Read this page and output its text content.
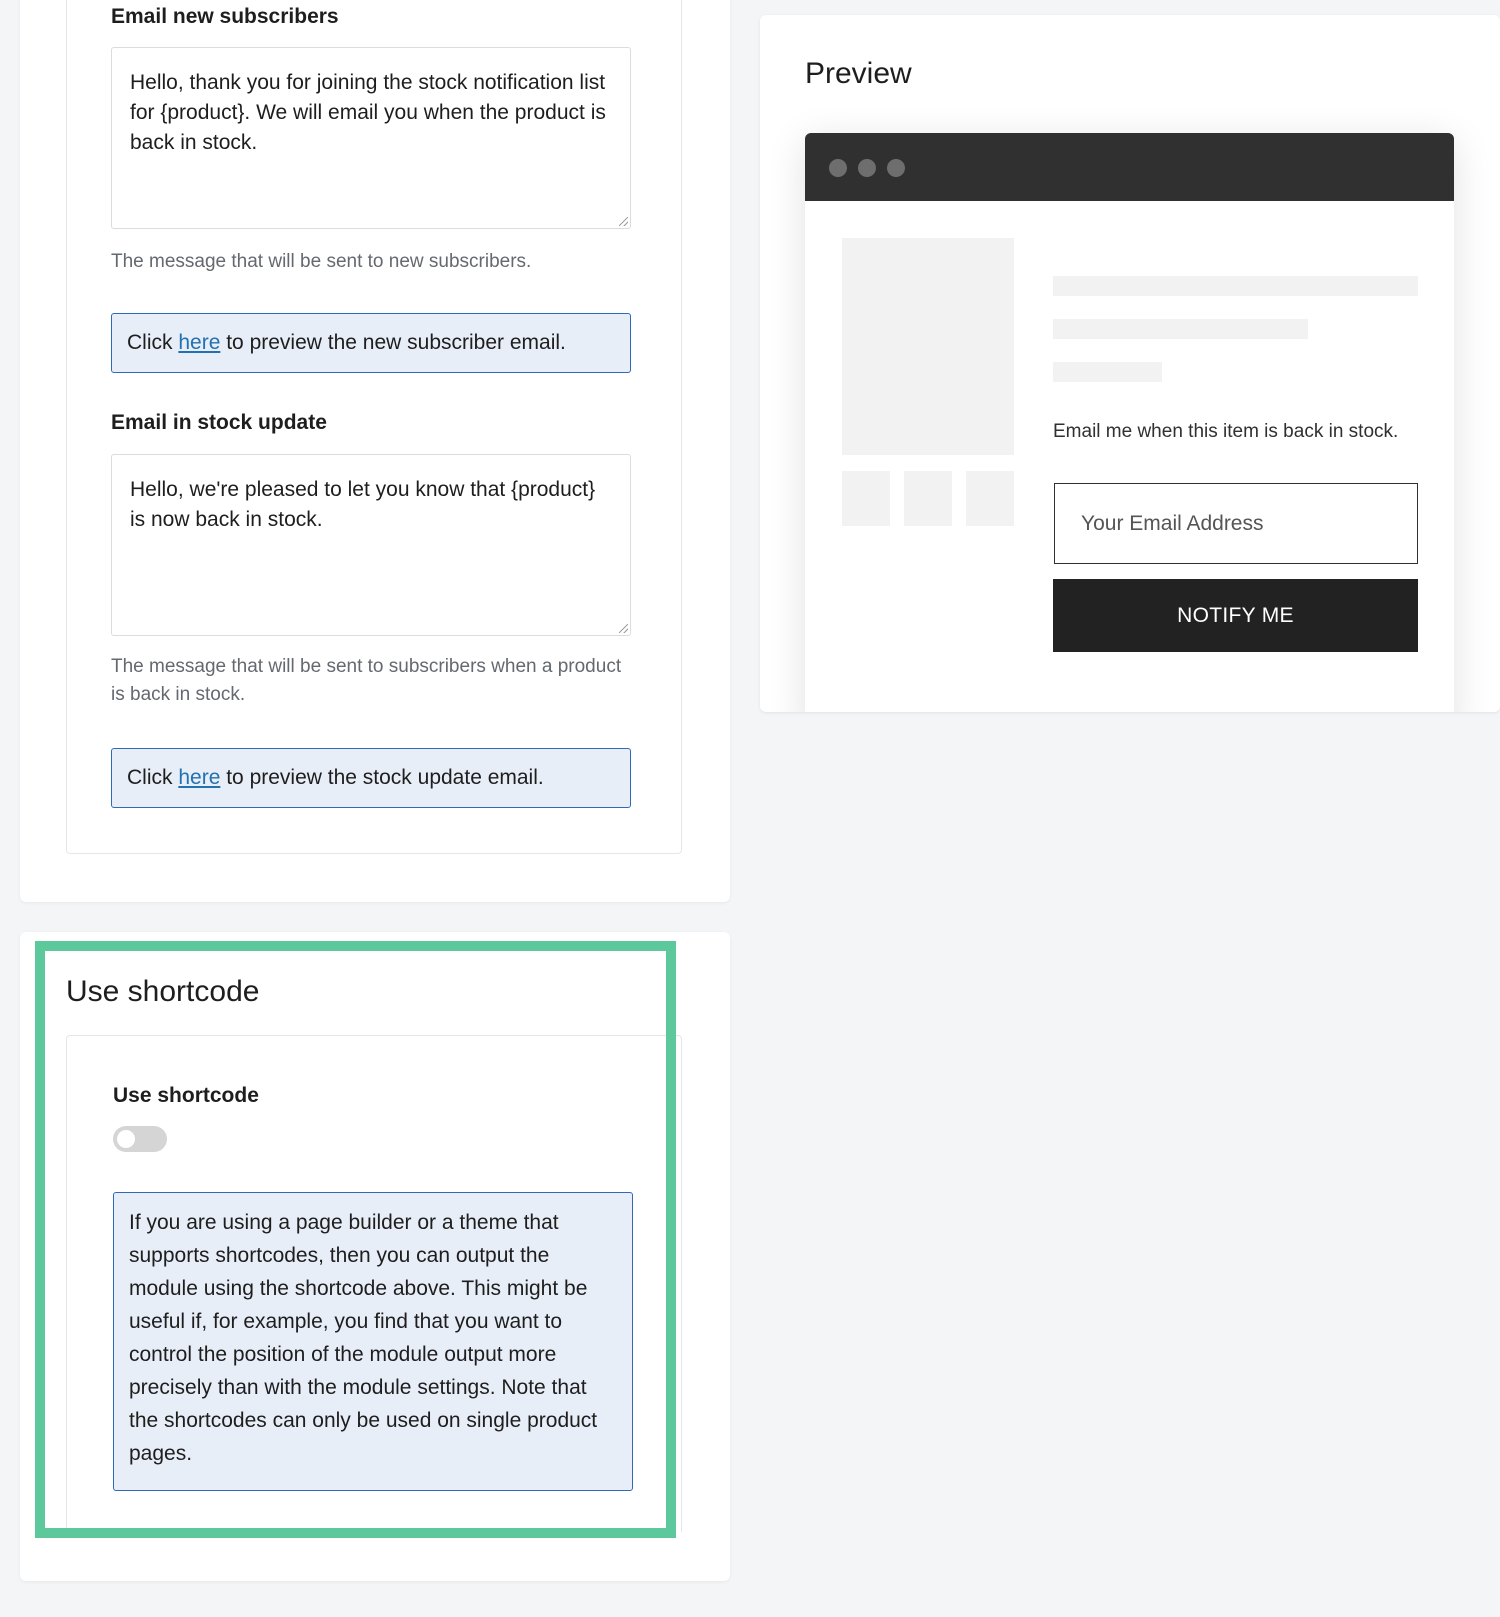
Email new subscribers
Hello, thank you for joining the stock notification list for {product}. We will email you when the product is back in stock.
The message that will be sent to new subscribers.
Click here to preview the new subscriber email.
Email in stock update
Hello, we're pleased to let you know that {product} is now back in stock.
The message that will be sent to subscribers when a product is back in stock.
Click here to preview the stock update email.
Use shortcode
Use shortcode
If you are using a page builder or a theme that supports shortcodes, then you can output the module using the shortcode above. This might be useful if, for example, you find that you want to control the position of the module output more precisely than with the module settings. Note that the shortcodes can only be used on single product pages.
Preview
Email me when this item is back in stock.
Your Email Address
NOTIFY ME
